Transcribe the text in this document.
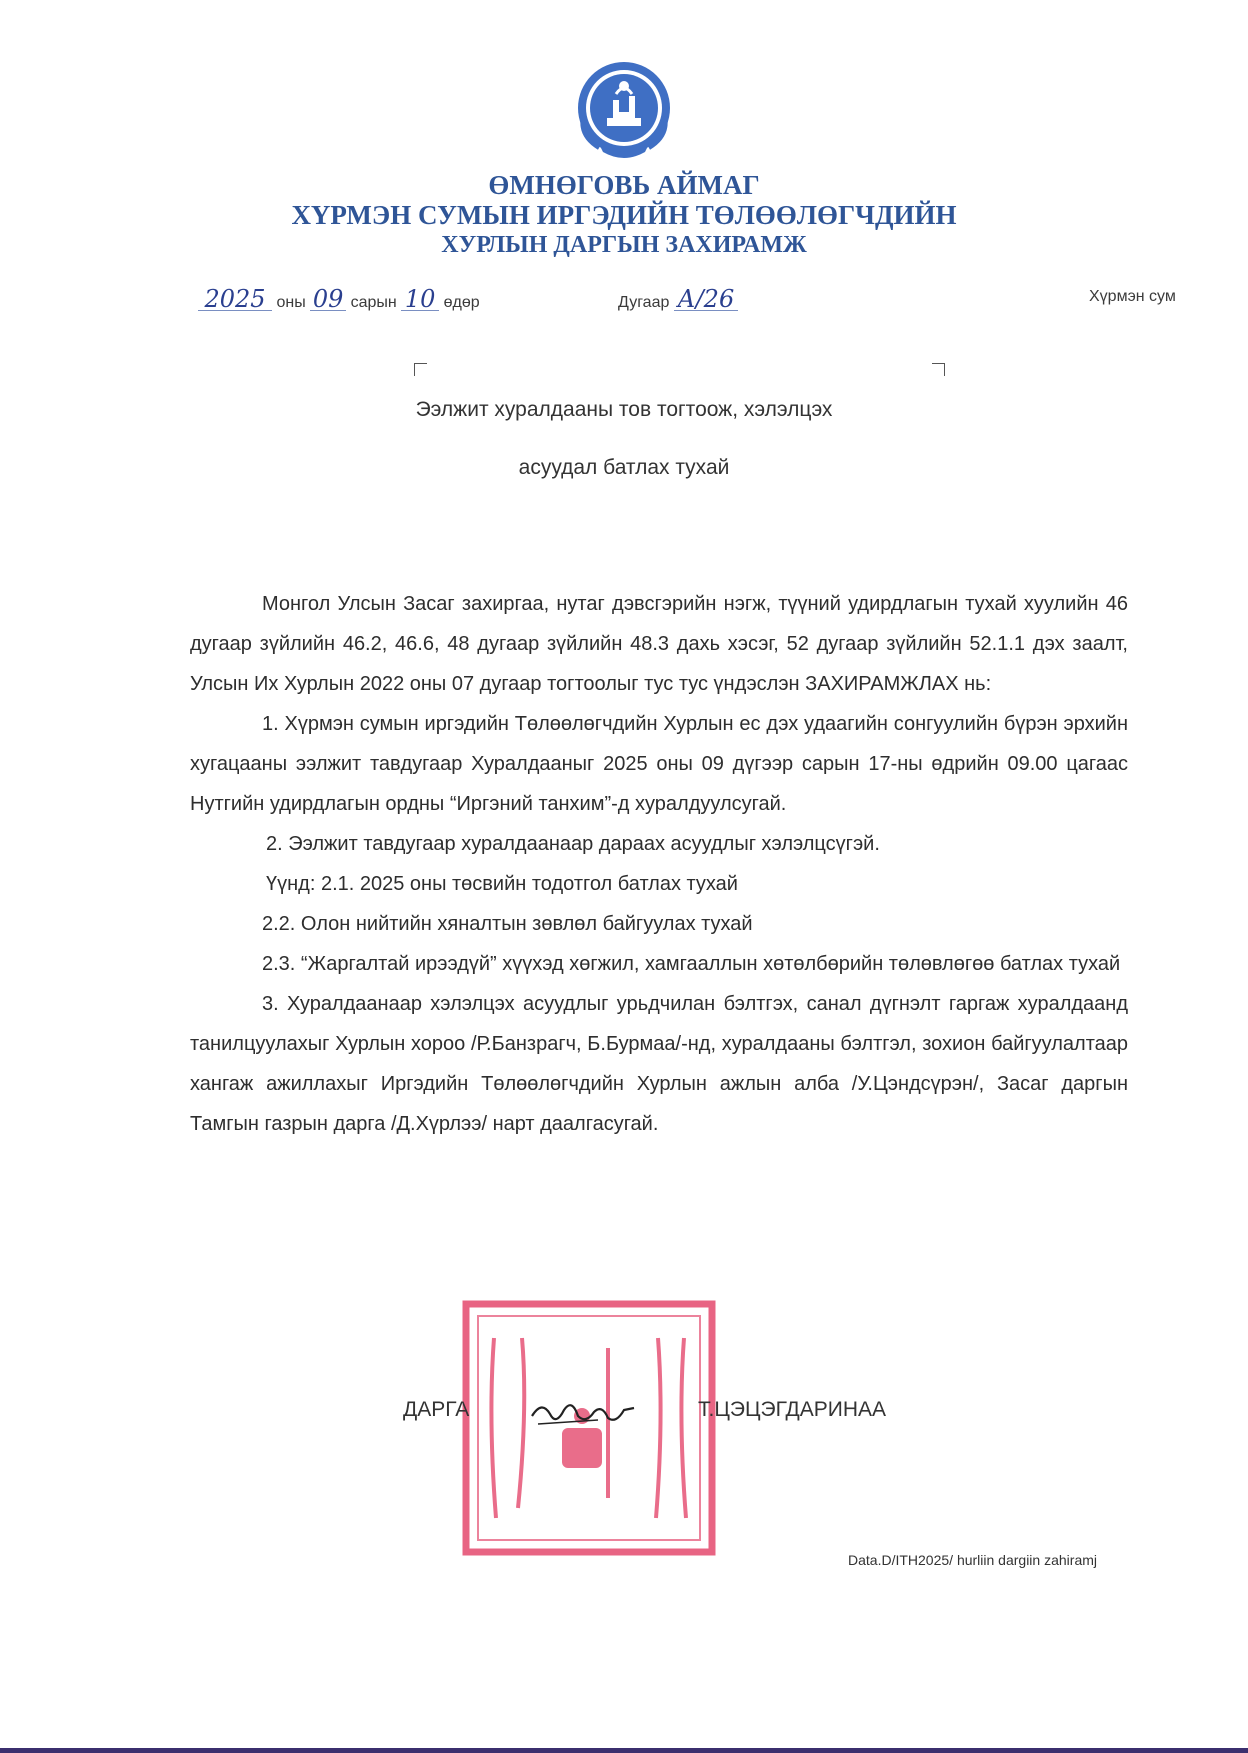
ӨМНӨГОВЬ АЙМАГ
ХҮРМЭН СУМЫН ИРГЭДИЙН ТӨЛӨӨЛӨГЧДИЙН
ХУРЛЫН ДАРГЫН ЗАХИРАМЖ
2025 оны 09 сарын 10 өдөр	Дугаар А/26	Хүрмэн сум
Ээлжит хуралдааны тов тогтоож, хэлэлцэх
асуудал батлах тухай

Монгол Улсын Засаг захиргаа, нутаг дэвсгэрийн нэгж, түүний удирдлагын тухай хуулийн 46 дугаар зүйлийн 46.2, 46.6, 48 дугаар зүйлийн 48.3 дахь хэсэг, 52 дугаар зүйлийн 52.1.1 дэх заалт, Улсын Их Хурлын 2022 оны 07 дугаар тогтоолыг тус тус үндэслэн ЗАХИРАМЖЛАХ нь:

1. Хүрмэн сумын иргэдийн Төлөөлөгчдийн Хурлын ес дэх удаагийн сонгуулийн бүрэн эрхийн хугацааны ээлжит тавдугаар Хуралдааныг 2025 оны 09 дүгээр сарын 17-ны өдрийн 09.00 цагаас Нутгийн удирдлагын ордны “Иргэний танхим”-д хуралдуулсугай.

2. Ээлжит тавдугаар хуралдаанаар дараах асуудлыг хэлэлцсүгэй.

Үүнд: 2.1. 2025 оны төсвийн тодотгол батлах тухай

2.2. Олон нийтийн хяналтын зөвлөл байгуулах тухай

2.3. “Жаргалтай ирээдүй” хүүхэд хөгжил, хамгааллын хөтөлбөрийн төлөвлөгөө батлах тухай

3. Хуралдаанаар хэлэлцэх асуудлыг урьдчилан бэлтгэх, санал дүгнэлт гаргаж хуралдаанд танилцуулахыг Хурлын хороо /Р.Банзрагч, Б.Бурмаа/-нд, хуралдааны бэлтгэл, зохион байгуулалтаар хангаж ажиллахыг Иргэдийн Төлөөлөгчдийн Хурлын ажлын алба /У.Цэндсүрэн/, Засаг даргын Тамгын газрын дарга /Д.Хүрлээ/ нарт даалгасугай.

ДАРГА	Т.ЦЭЦЭГДАРИНАА
Data.D/ITH2025/ hurliin dargiin zahiramj
